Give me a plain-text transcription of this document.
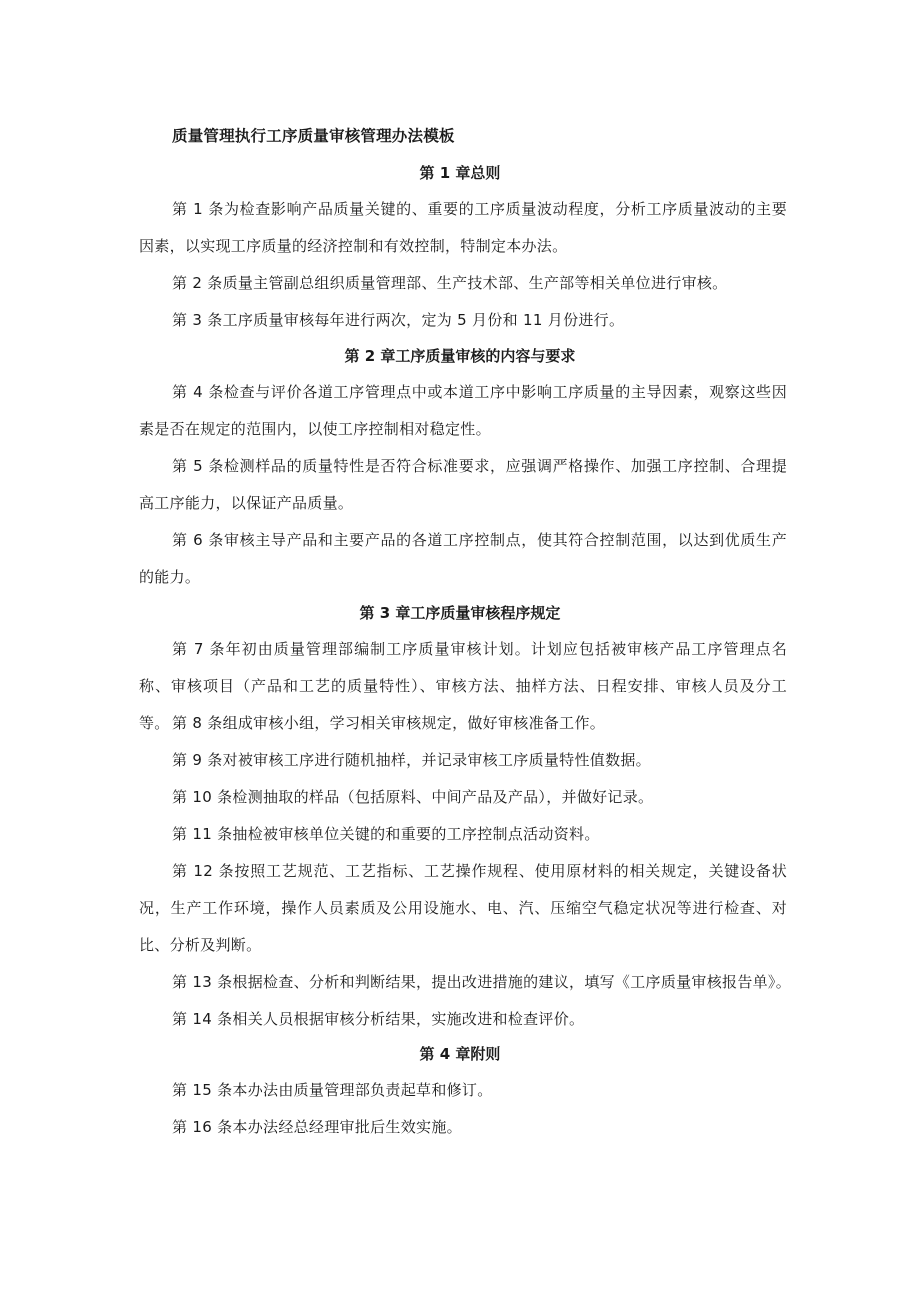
质量管理执行工序质量审核管理办法模板
第 1 章总则
第 1 条为检查影响产品质量关键的、重要的工序质量波动程度，分析工序质量波动的主要因素，以实现工序质量的经济控制和有效控制，特制定本办法。
第 2 条质量主管副总组织质量管理部、生产技术部、生产部等相关单位进行审核。
第 3 条工序质量审核每年进行两次，定为 5 月份和 11 月份进行。
第 2 章工序质量审核的内容与要求
第 4 条检查与评价各道工序管理点中或本道工序中影响工序质量的主导因素，观察这些因素是否在规定的范围内，以使工序控制相对稳定性。
第 5 条检测样品的质量特性是否符合标准要求，应强调严格操作、加强工序控制、合理提高工序能力，以保证产品质量。
第 6 条审核主导产品和主要产品的各道工序控制点，使其符合控制范围，以达到优质生产的能力。
第 3 章工序质量审核程序规定
第 7 条年初由质量管理部编制工序质量审核计划。计划应包括被审核产品工序管理点名称、审核项目（产品和工艺的质量特性）、审核方法、抽样方法、日程安排、审核人员及分工等。 第 8 条组成审核小组，学习相关审核规定，做好审核准备工作。
第 9 条对被审核工序进行随机抽样，并记录审核工序质量特性值数据。
第 10 条检测抽取的样品（包括原料、中间产品及产品），并做好记录。
第 11 条抽检被审核单位关键的和重要的工序控制点活动资料。
第 12 条按照工艺规范、工艺指标、工艺操作规程、使用原材料的相关规定，关键设备状况，生产工作环境，操作人员素质及公用设施水、电、汽、压缩空气稳定状况等进行检查、对比、分析及判断。
第 13 条根据检查、分析和判断结果，提出改进措施的建议，填写《工序质量审核报告单》。
第 14 条相关人员根据审核分析结果，实施改进和检查评价。
第 4 章附则
第 15 条本办法由质量管理部负责起草和修订。
第 16 条本办法经总经理审批后生效实施。
